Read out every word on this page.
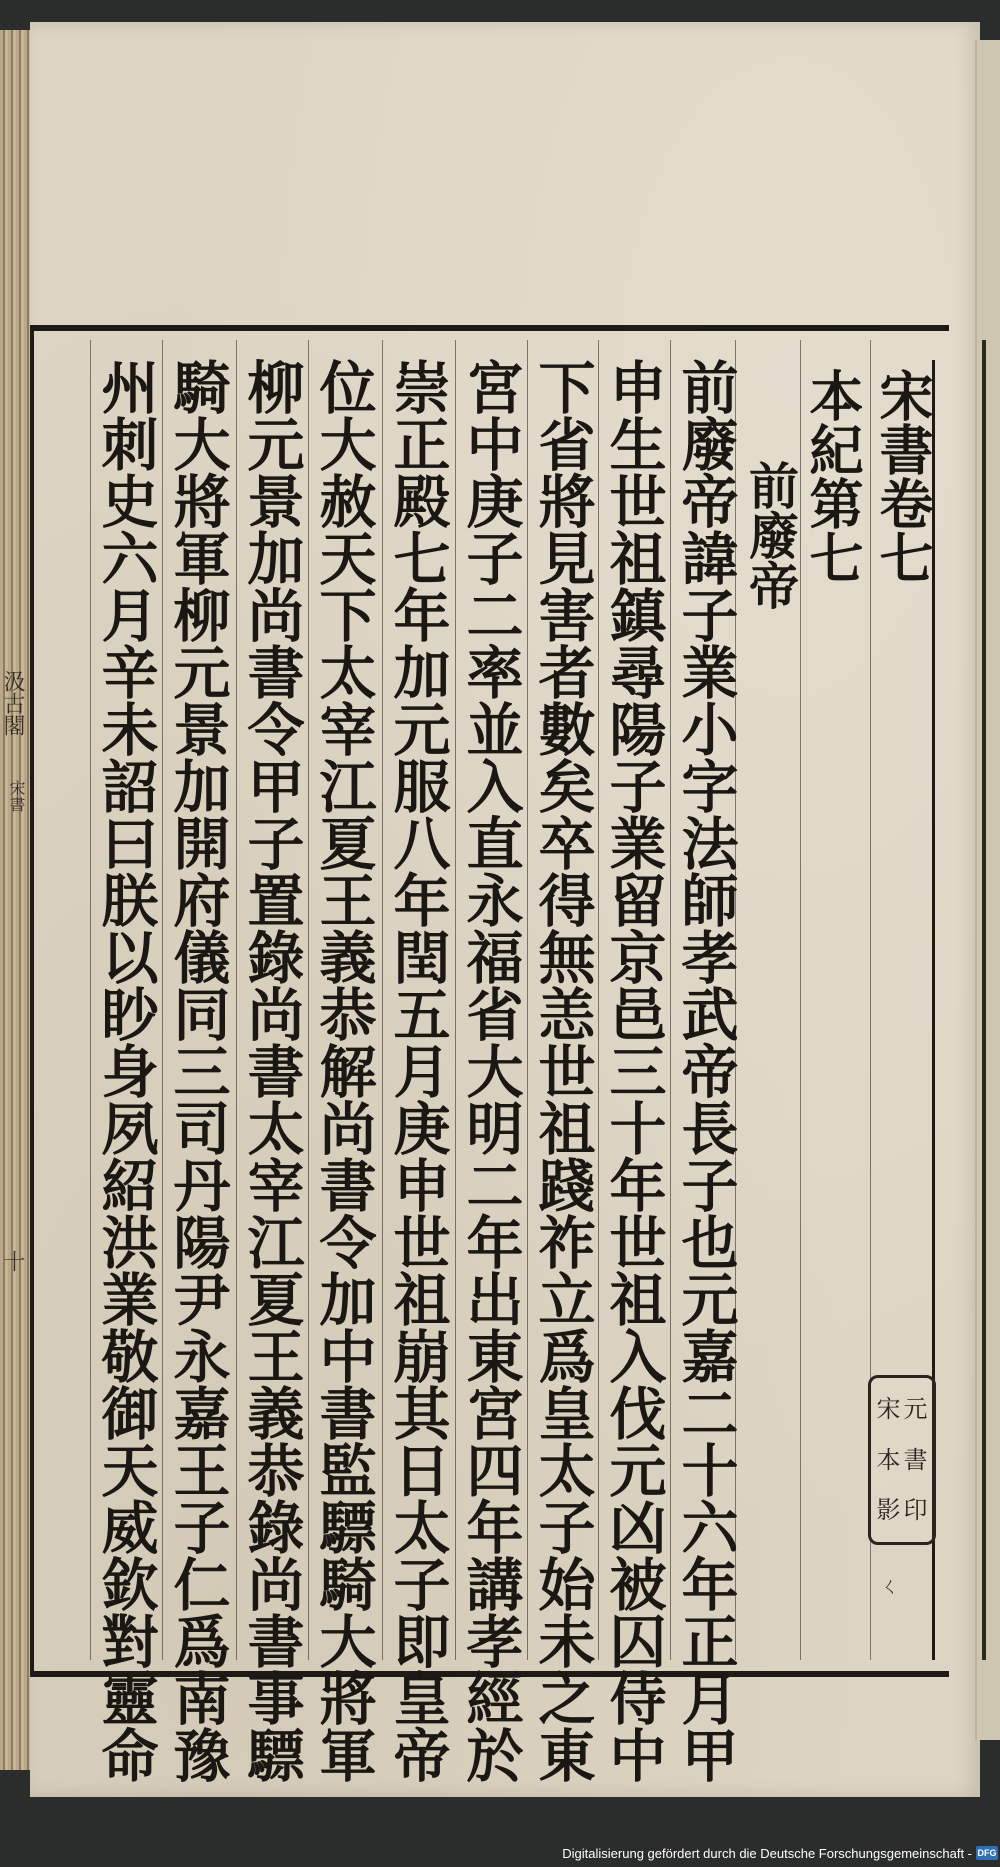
汲古閣
宋書
十
宋書卷七
本紀第七
前廢帝
前廢帝諱子業小字法師孝武帝長子也元嘉二十六年正月甲
申生世祖鎮尋陽子業留京邑三十年世祖入伐元凶被囚侍中
下省將見害者數矣卒得無恙世祖踐祚立爲皇太子始未之東
宮中庚子二率並入直永福省大明二年出東宮四年講孝經於
崇正殿七年加元服八年閏五月庚申世祖崩其日太子即皇帝
位大赦天下太宰江夏王義恭解尚書令加中書監驃騎大將軍
柳元景加尚書令甲子置錄尚書太宰江夏王義恭錄尚書事驃
騎大將軍柳元景加開府儀同三司丹陽尹永嘉王子仁爲南豫
州刺史六月辛未詔曰朕以眇身夙紹洪業敬御天威欽對靈命	宋 元
本 書
影 印
ㄑ
Digitalisierung gefördert durch die Deutsche Forschungsgemeinschaft - DFG
